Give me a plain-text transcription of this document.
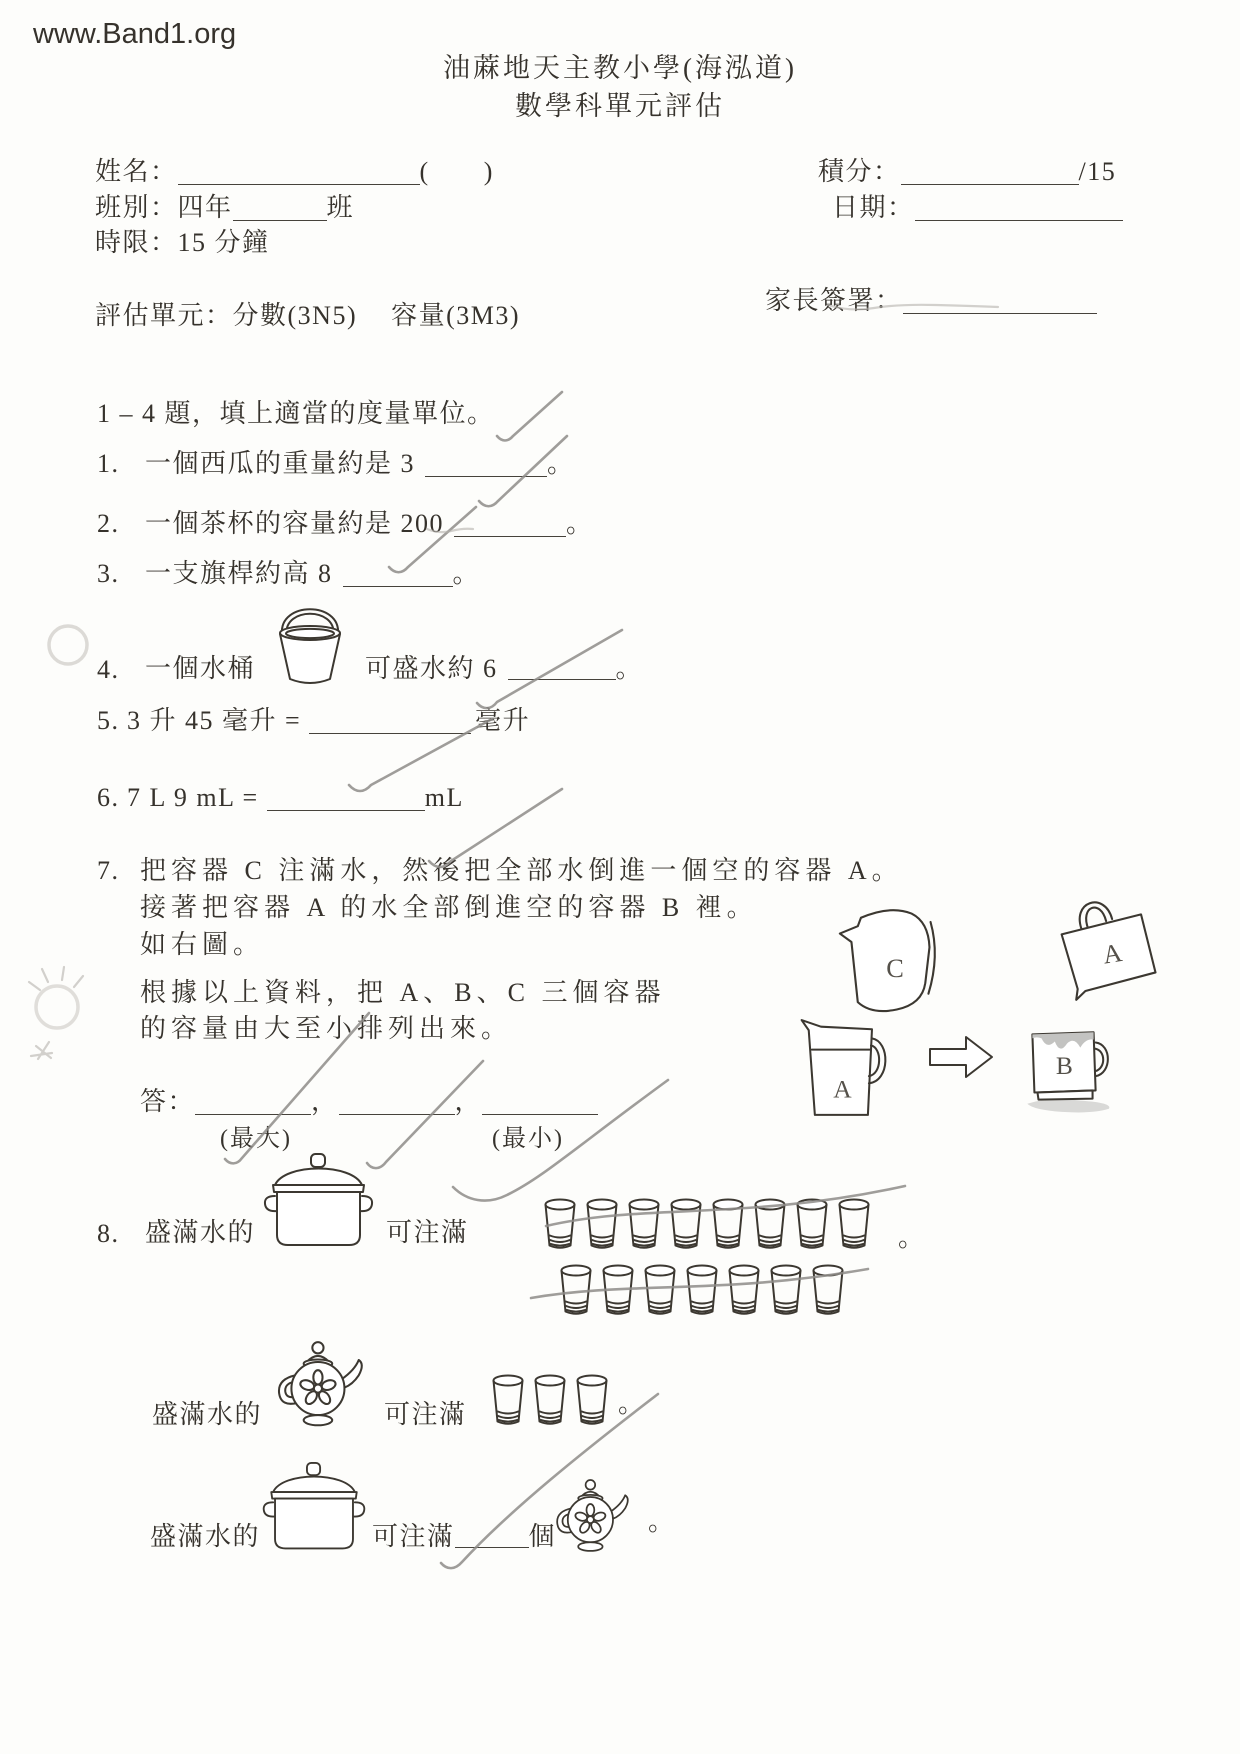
www.Band1.org
油蔴地天主教小學(海泓道)
數學科單元評估
姓名：	( )
班別：四年	班
時限：15 分鐘
積分：	/15
日期：
家長簽署：
評估單元：分數(3N5) 容量(3M3)
1 – 4 題，填上適當的度量單位。
1. 一個西瓜的重量約是 3	。
2. 一個茶杯的容量約是 200	。
3. 一支旗桿約高 8	。
4. 一個水桶	可盛水約 6	。
5. 3 升 45 毫升 =	毫升
6. 7 L 9 mL =	mL
7. 把容器 C 注滿水，然後把全部水倒進一個空的容器 A。
接著把容器 A 的水全部倒進空的容器 B 裡。
如右圖。
根據以上資料，把 A、B、C 三個容器
的容量由大至小排列出來。
答：	，	，
(最大)	(最小)
C	A
A
B
8. 盛滿水的	可注滿	。
盛滿水的	可注滿	。
盛滿水的	可注滿	個
。
